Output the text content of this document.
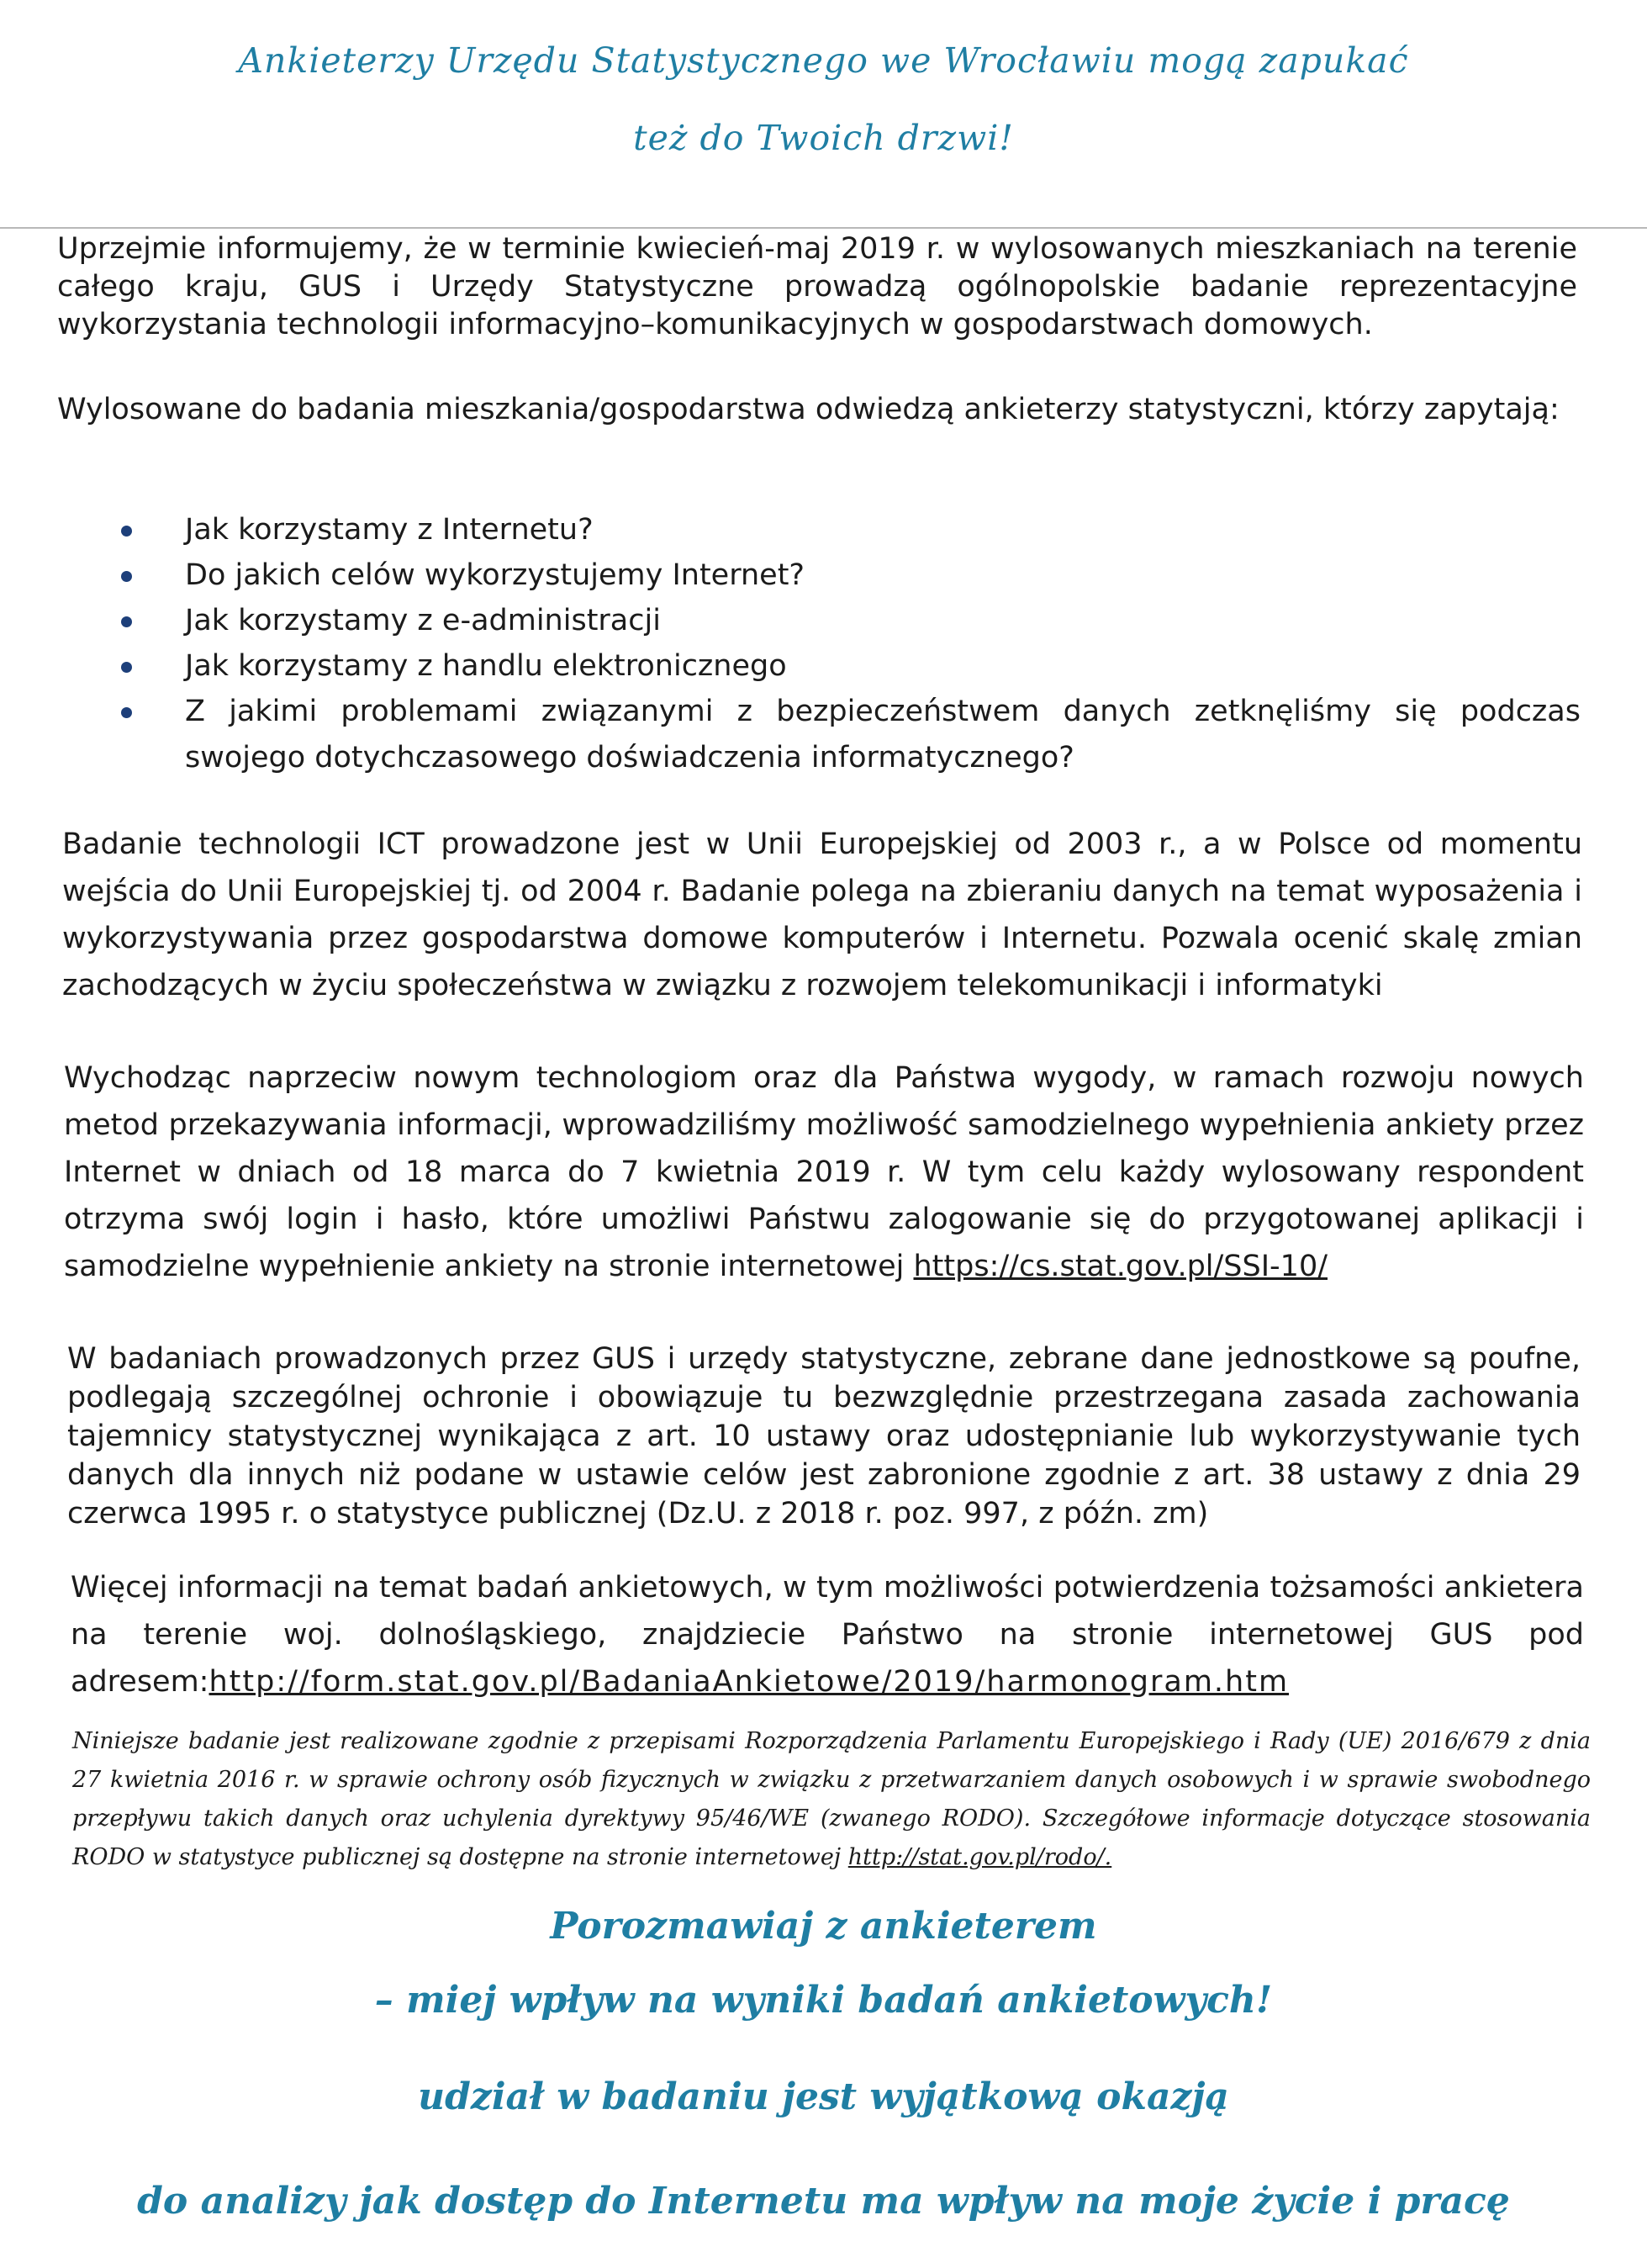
Ankieterzy Urzędu Statystycznego we Wrocławiu mogą zapukać
też do Twoich drzwi!

Uprzejmie informujemy, że w terminie kwiecień-maj 2019 r. w wylosowanych mieszkaniach na terenie całego kraju, GUS i Urzędy Statystyczne prowadzą ogólnopolskie badanie reprezentacyjne wykorzystania technologii informacyjno–komunikacyjnych w gospodarstwach domowych.

Wylosowane do badania mieszkania/gospodarstwa odwiedzą ankieterzy statystyczni, którzy zapytają:

Jak korzystamy z Internetu?
Do jakich celów wykorzystujemy Internet?
Jak korzystamy z e-administracji
Jak korzystamy z handlu elektronicznego
Z jakimi problemami związanymi z bezpieczeństwem danych zetknęliśmy się podczas swojego dotychczasowego doświadczenia informatycznego?

Badanie technologii ICT prowadzone jest w Unii Europejskiej od 2003 r., a w Polsce od momentu wejścia do Unii Europejskiej tj. od 2004 r. Badanie polega na zbieraniu danych na temat wyposażenia i wykorzystywania przez gospodarstwa domowe komputerów i Internetu. Pozwala ocenić skalę zmian zachodzących w życiu społeczeństwa w związku z rozwojem telekomunikacji i informatyki

Wychodząc naprzeciw nowym technologiom oraz dla Państwa wygody, w ramach rozwoju nowych metod przekazywania informacji, wprowadziliśmy możliwość samodzielnego wypełnienia ankiety przez Internet w dniach od 18 marca do 7 kwietnia 2019 r. W tym celu każdy wylosowany respondent otrzyma swój login i hasło, które umożliwi Państwu zalogowanie się do przygotowanej aplikacji i samodzielne wypełnienie ankiety na stronie internetowej https://cs.stat.gov.pl/SSI-10/

W badaniach prowadzonych przez GUS i urzędy statystyczne, zebrane dane jednostkowe są poufne, podlegają szczególnej ochronie i obowiązuje tu bezwzględnie przestrzegana zasada zachowania tajemnicy statystycznej wynikająca z art. 10 ustawy oraz udostępnianie lub wykorzystywanie tych danych dla innych niż podane w ustawie celów jest zabronione zgodnie z art. 38 ustawy z dnia 29 czerwca 1995 r. o statystyce publicznej (Dz.U. z 2018 r. poz. 997, z późn. zm)

Więcej informacji na temat badań ankietowych, w tym możliwości potwierdzenia tożsamości ankietera na terenie woj. dolnośląskiego, znajdziecie Państwo na stronie internetowej GUS pod adresem:http://form.stat.gov.pl/BadaniaAnkietowe/2019/harmonogram.htm

Niniejsze badanie jest realizowane zgodnie z przepisami Rozporządzenia Parlamentu Europejskiego i Rady (UE) 2016/679 z dnia 27 kwietnia 2016 r. w sprawie ochrony osób fizycznych w związku z przetwarzaniem danych osobowych i w sprawie swobodnego przepływu takich danych oraz uchylenia dyrektywy 95/46/WE (zwanego RODO). Szczegółowe informacje dotyczące stosowania RODO w statystyce publicznej są dostępne na stronie internetowej http://stat.gov.pl/rodo/.

Porozmawiaj z ankieterem
– miej wpływ na wyniki badań ankietowych!
udział w badaniu jest wyjątkową okazją
do analizy jak dostęp do Internetu ma wpływ na moje życie i pracę
